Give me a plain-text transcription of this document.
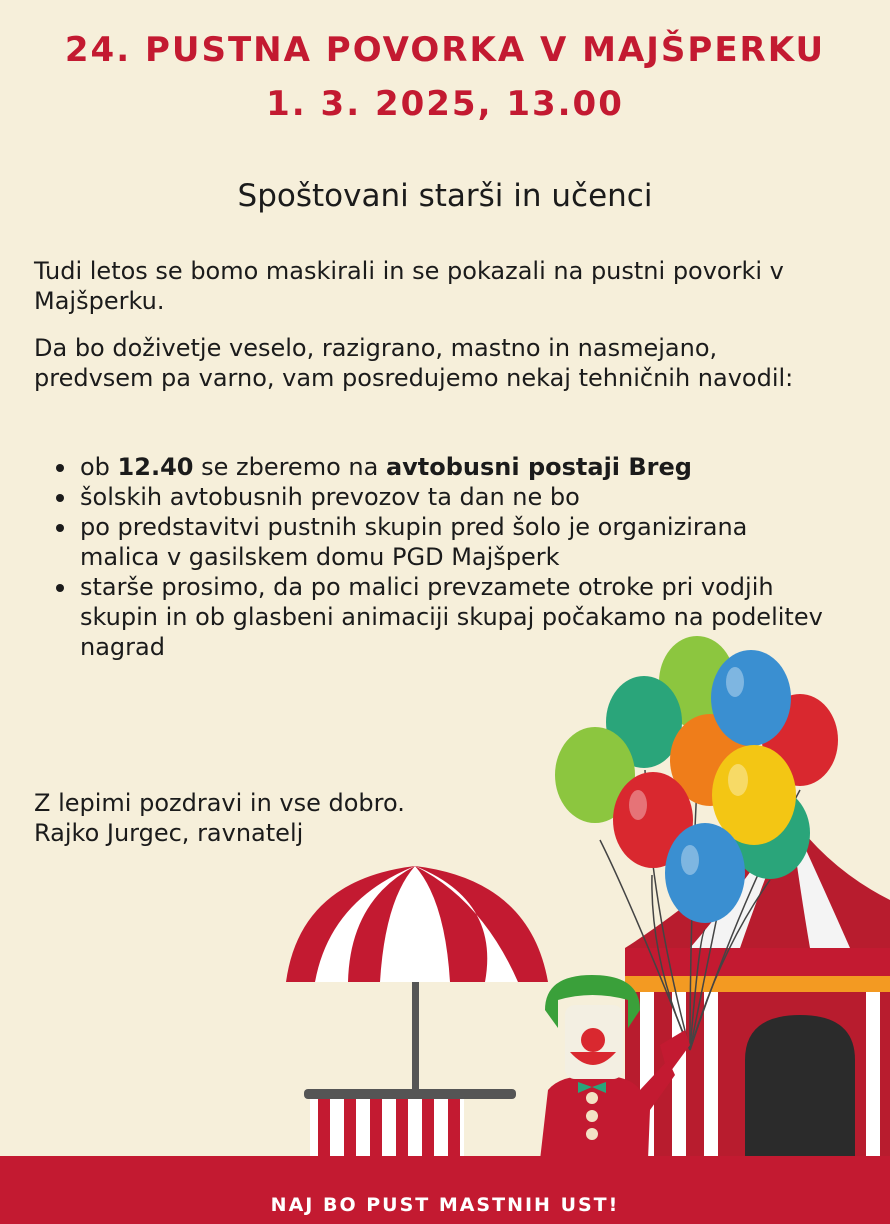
24. PUSTNA POVORKA V MAJŠPERKU
1. 3. 2025, 13.00

Spoštovani starši in učenci

Tudi letos se bomo maskirali in se pokazali na pustni povorki v Majšperku.

Da bo doživetje veselo, razigrano, mastno in nasmejano, predvsem pa varno, vam posredujemo nekaj tehničnih navodil:

ob 12.40 se zberemo na avtobusni postaji Breg
šolskih avtobusnih prevozov ta dan ne bo
po predstavitvi pustnih skupin pred šolo je organizirana malica v gasilskem domu PGD Majšperk
starše prosimo, da po malici prevzamete otroke pri vodjih skupin in ob glasbeni animaciji skupaj počakamo na podelitev nagrad
Z lepimi pozdravi in vse dobro.
Rajko Jurgec, ravnatelj
NAJ BO PUST MASTNIH UST!
